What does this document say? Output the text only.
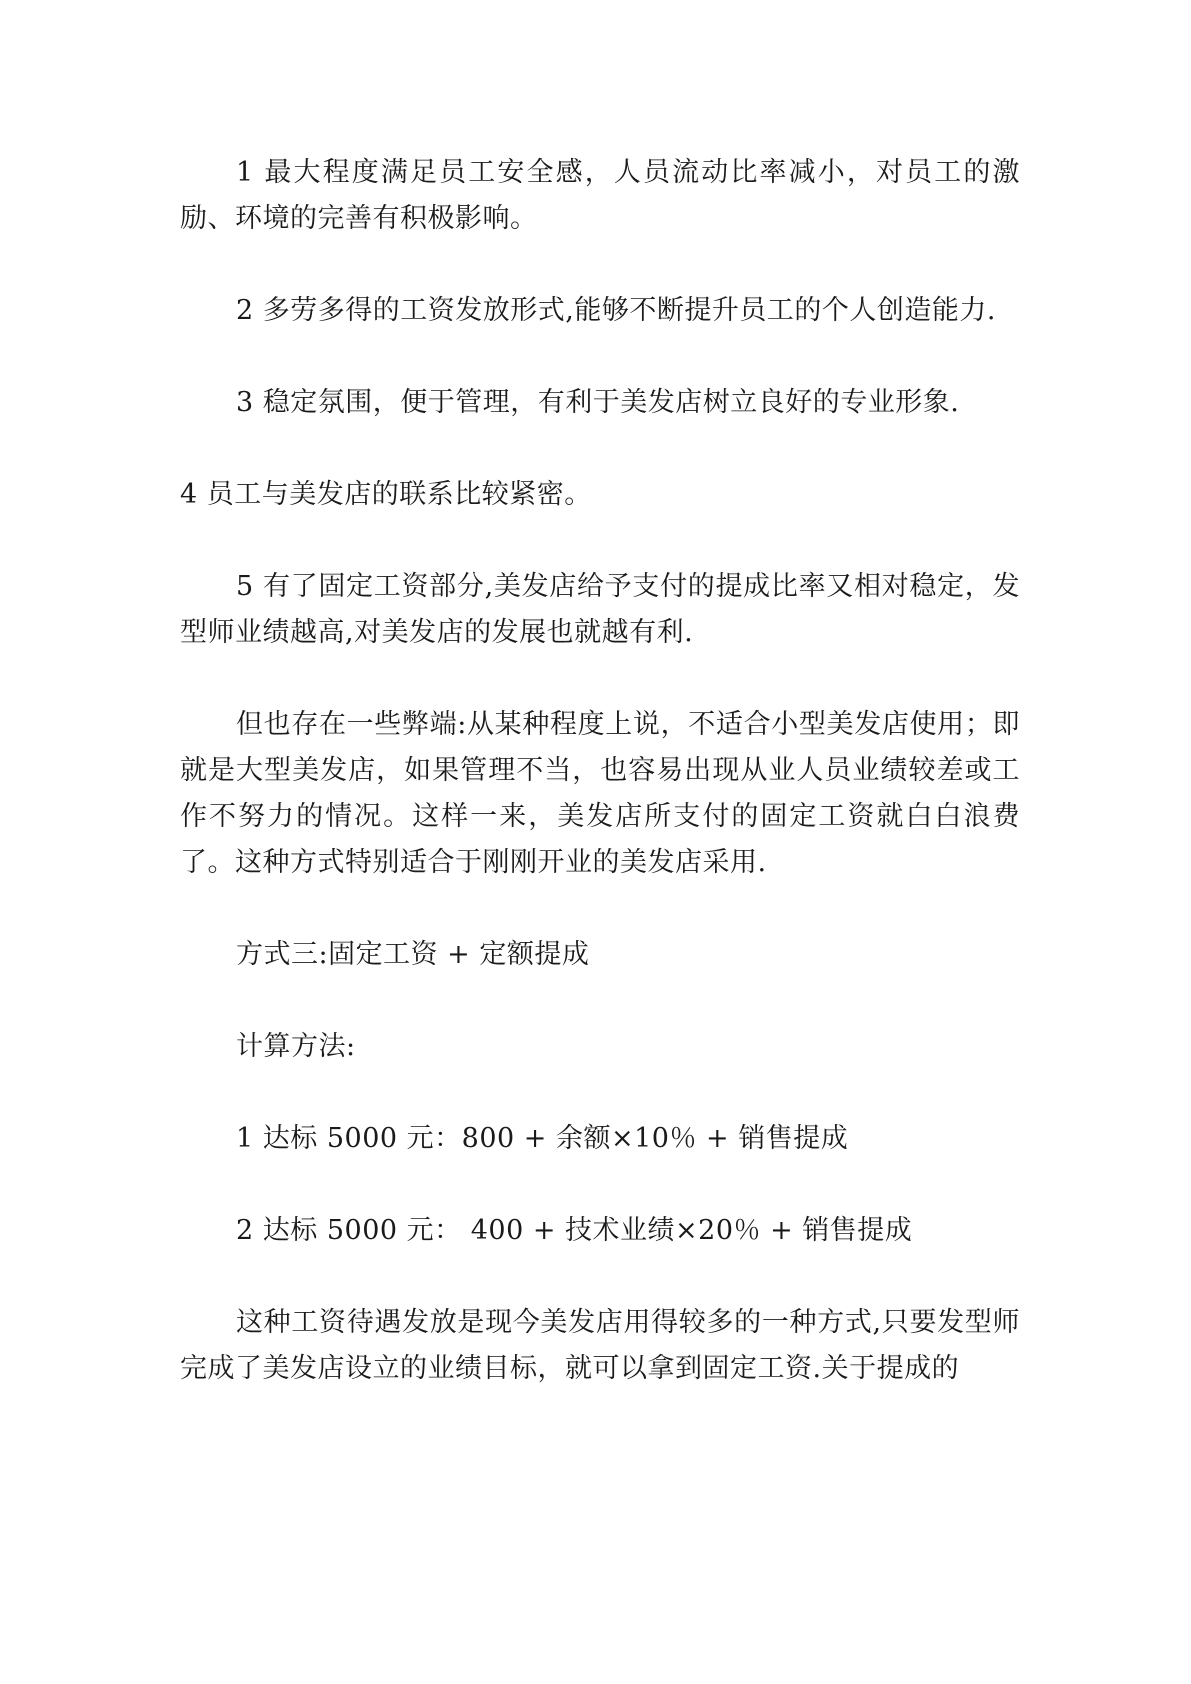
1 最大程度满足员工安全感，人员流动比率减小，对员工的激励、环境的完善有积极影响。

2 多劳多得的工资发放形式,能够不断提升员工的个人创造能力.

3 稳定氛围，便于管理，有利于美发店树立良好的专业形象.

4 员工与美发店的联系比较紧密。

5 有了固定工资部分,美发店给予支付的提成比率又相对稳定，发型师业绩越高,对美发店的发展也就越有利.

但也存在一些弊端:从某种程度上说，不适合小型美发店使用；即就是大型美发店，如果管理不当，也容易出现从业人员业绩较差或工作不努力的情况。这样一来，美发店所支付的固定工资就白白浪费了。这种方式特别适合于刚刚开业的美发店采用.

方式三:固定工资 + 定额提成

计算方法:

1 达标 5000 元：800 + 余额×10％ + 销售提成

2 达标 5000 元： 400 + 技术业绩×20％ + 销售提成

这种工资待遇发放是现今美发店用得较多的一种方式,只要发型师完成了美发店设立的业绩目标，就可以拿到固定工资.关于提成的
